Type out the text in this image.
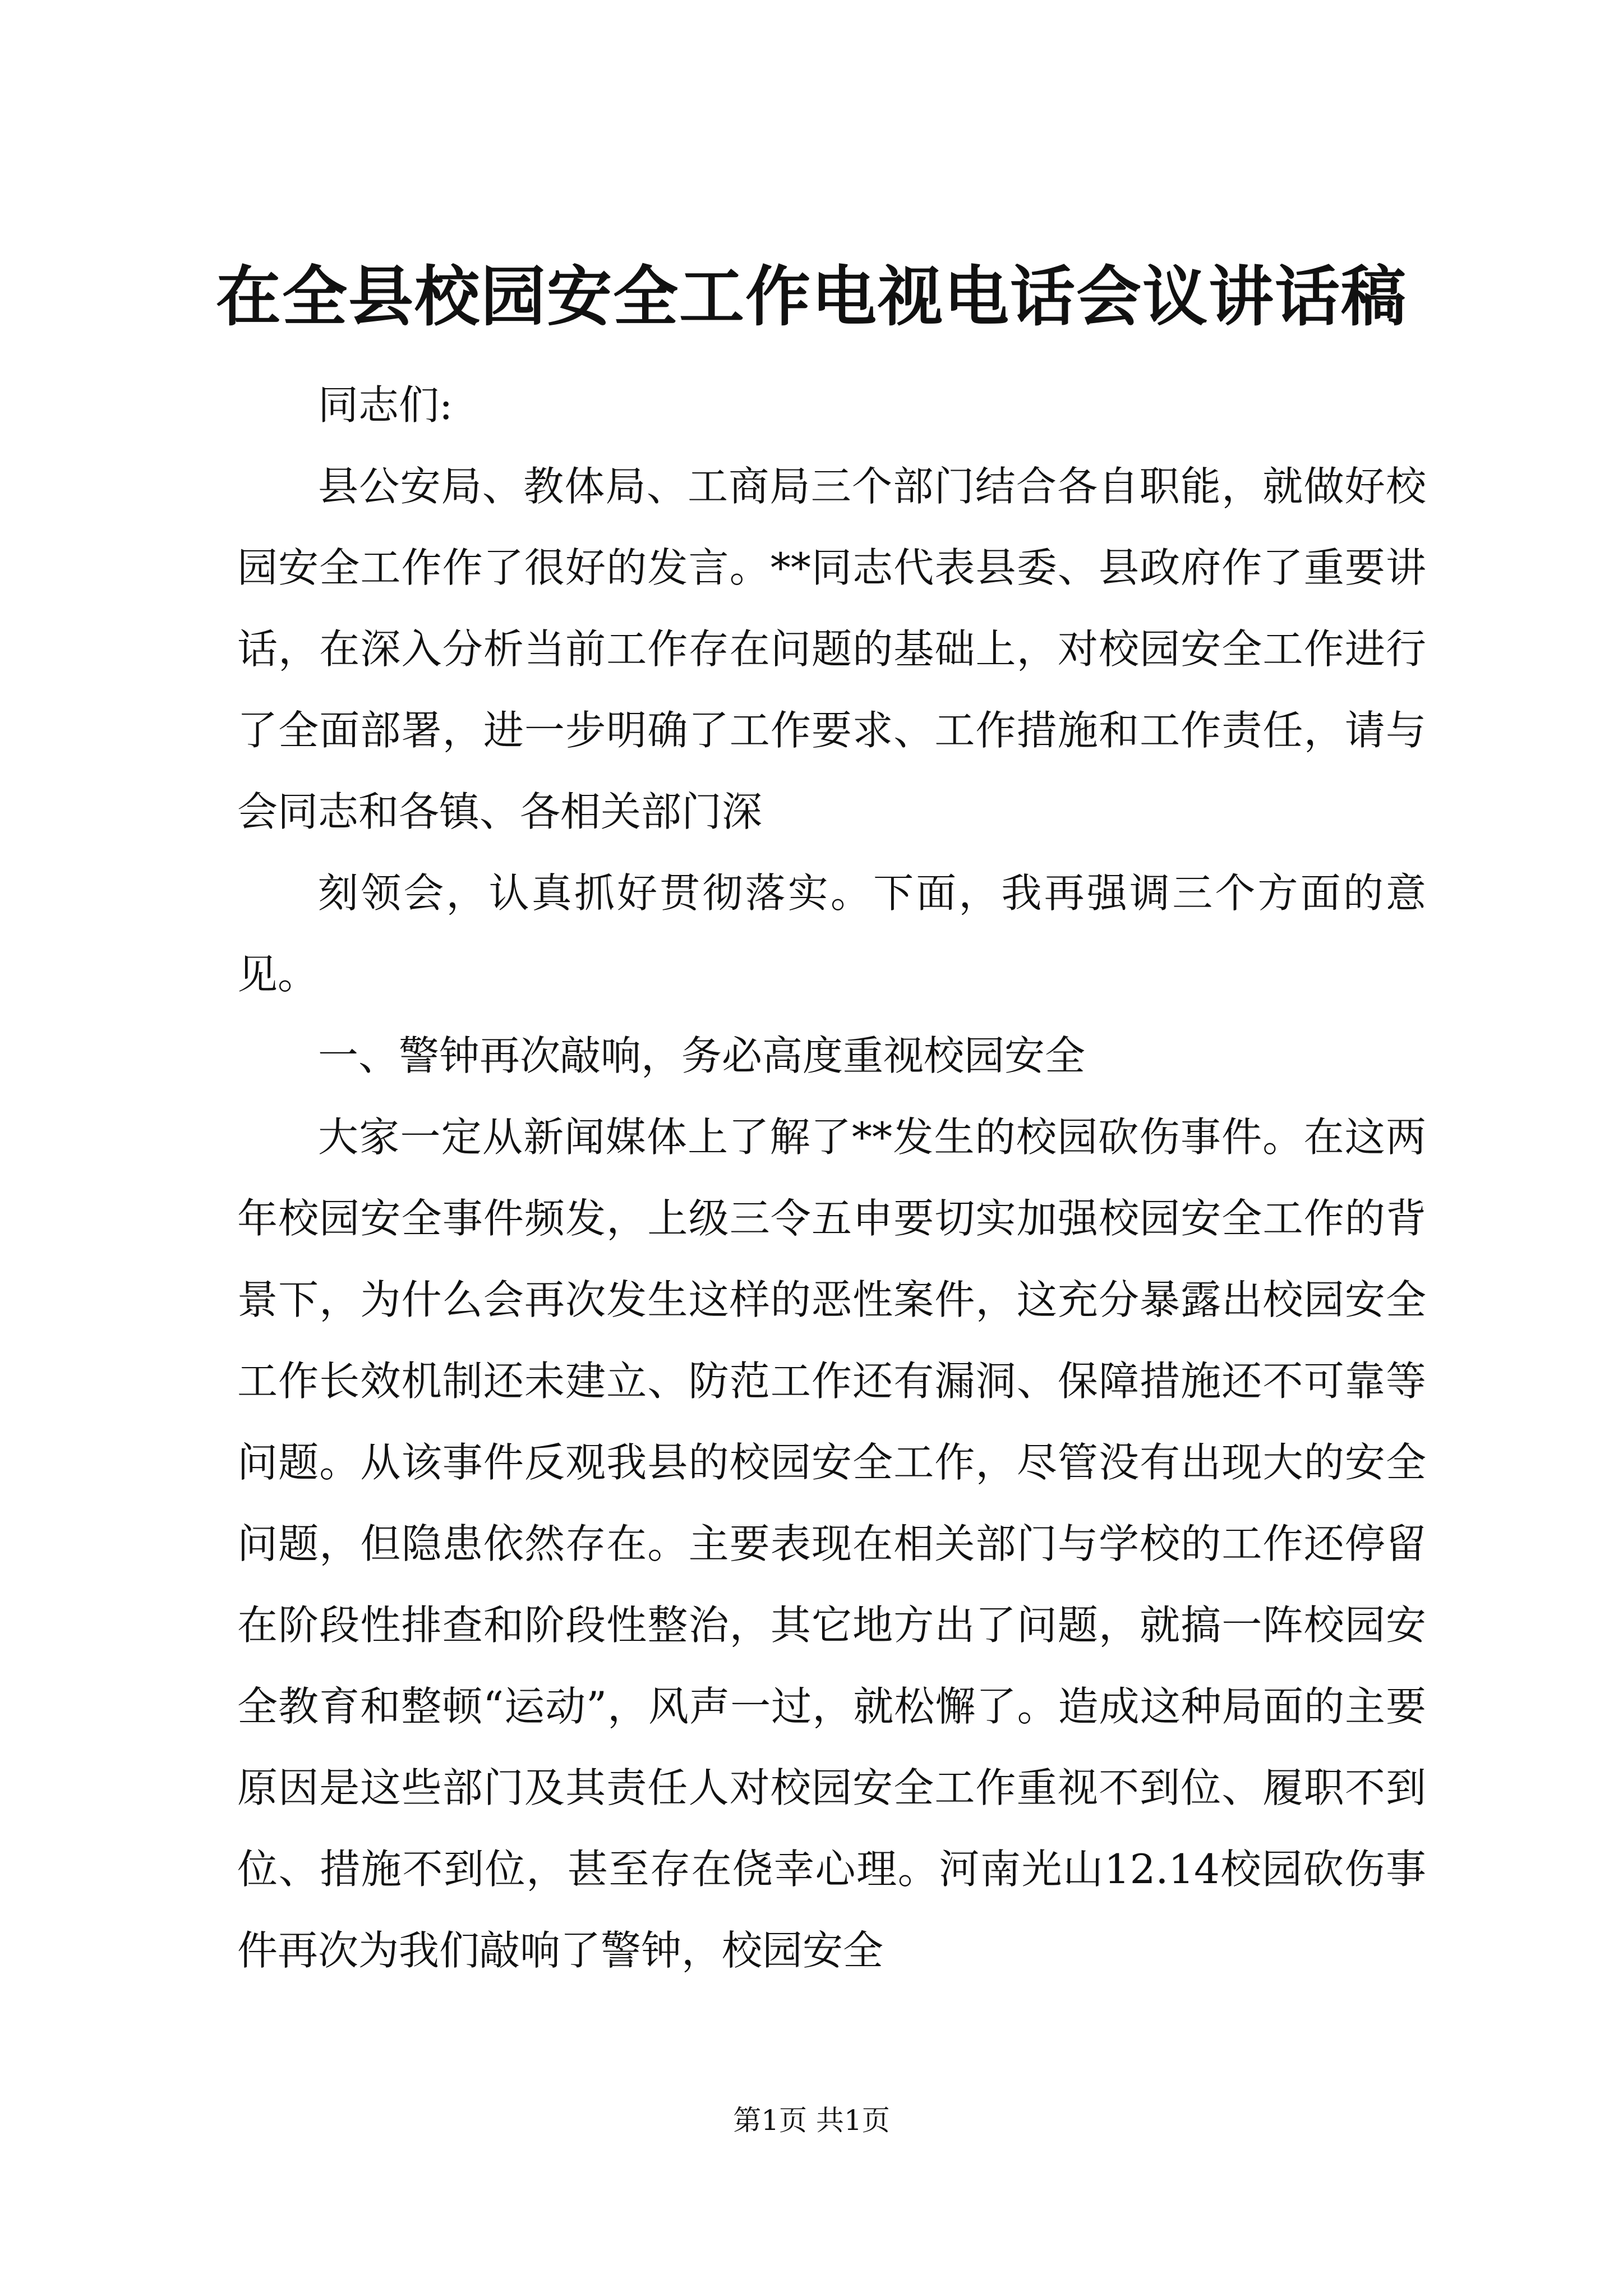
在全县校园安全工作电视电话会议讲话稿

同志们:

县公安局、教体局、工商局三个部门结合各自职能，就做好校园安全工作作了很好的发言。**同志代表县委、县政府作了重要讲话，在深入分析当前工作存在问题的基础上，对校园安全工作进行了全面部署，进一步明确了工作要求、工作措施和工作责任，请与会同志和各镇、各相关部门深

刻领会，认真抓好贯彻落实。下面，我再强调三个方面的意见。

一、警钟再次敲响，务必高度重视校园安全

大家一定从新闻媒体上了解了**发生的校园砍伤事件。在这两年校园安全事件频发，上级三令五申要切实加强校园安全工作的背景下，为什么会再次发生这样的恶性案件，这充分暴露出校园安全工作长效机制还未建立、防范工作还有漏洞、保障措施还不可靠等问题。从该事件反观我县的校园安全工作，尽管没有出现大的安全问题，但隐患依然存在。主要表现在相关部门与学校的工作还停留在阶段性排查和阶段性整治，其它地方出了问题，就搞一阵校园安全教育和整顿“运动”，风声一过，就松懈了。造成这种局面的主要原因是这些部门及其责任人对校园安全工作重视不到位、履职不到位、措施不到位，甚至存在侥幸心理。河南光山12.14校园砍伤事件再次为我们敲响了警钟，校园安全

第1页 共1页
